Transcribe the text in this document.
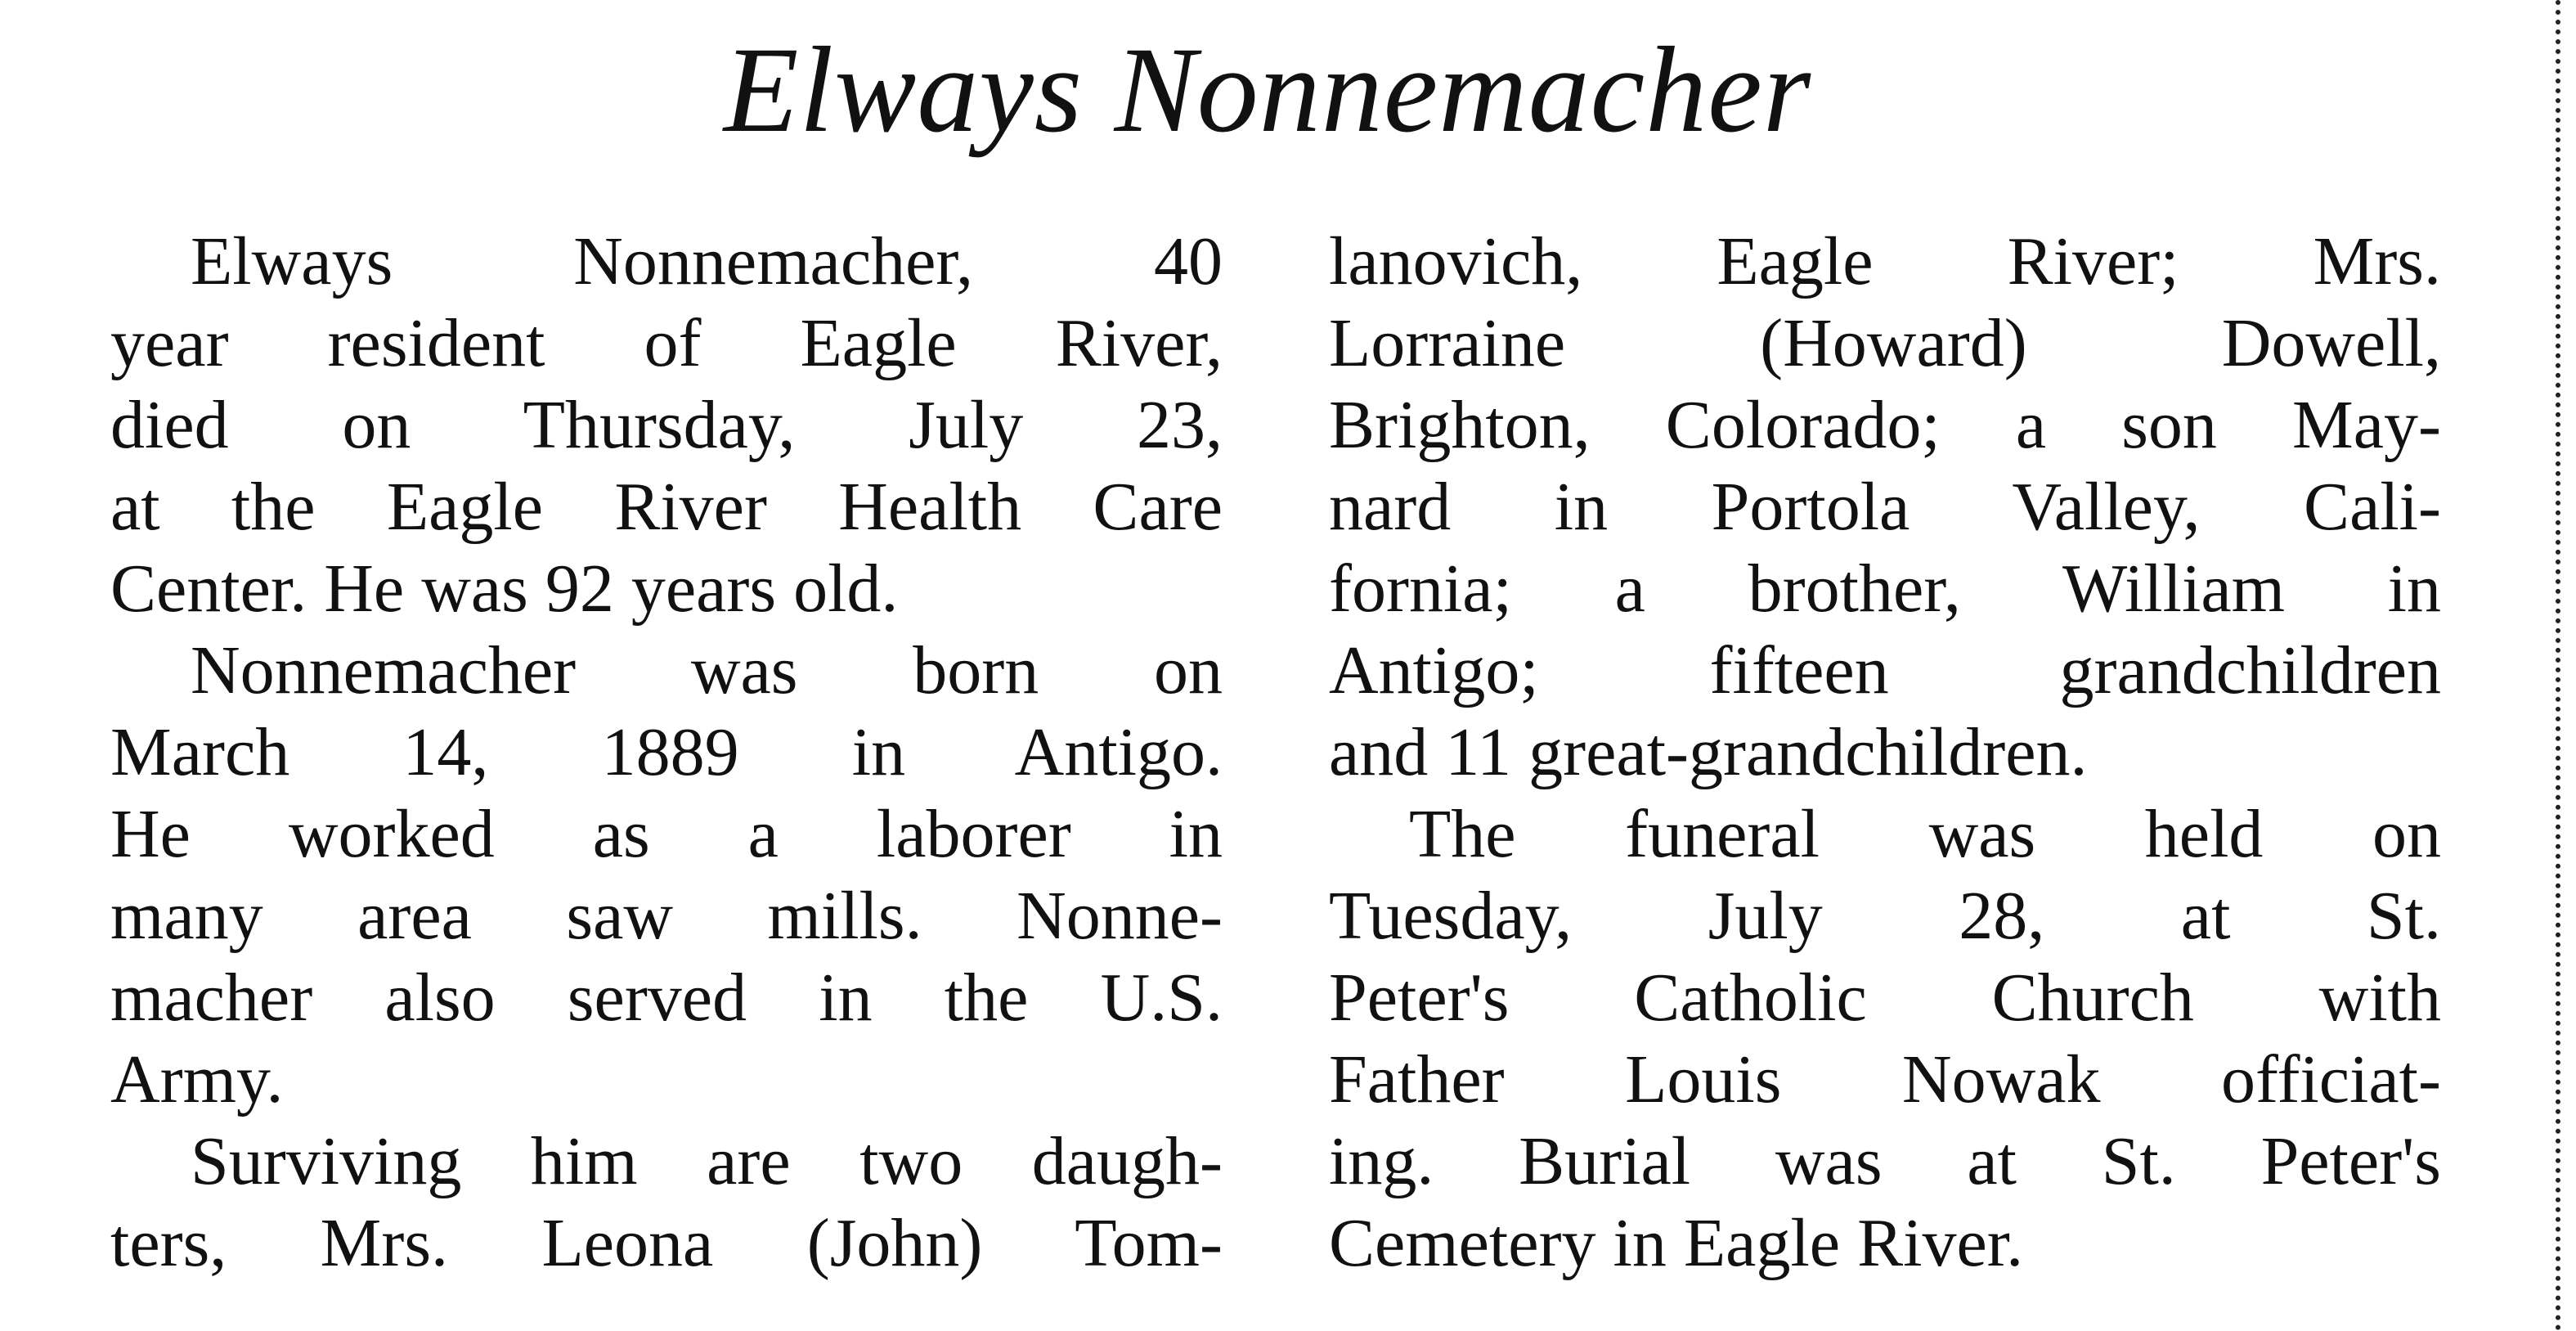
Elways Nonnemacher
Elways Nonnemacher, 40
year resident of Eagle River,
died on Thursday, July 23,
at the Eagle River Health Care
Center. He was 92 years old.
Nonnemacher was born on
March 14, 1889 in Antigo.
He worked as a laborer in
many area saw mills. Nonne-
macher also served in the U.S.
Army.
Surviving him are two daugh-
ters, Mrs. Leona (John) Tom-
lanovich, Eagle River; Mrs.
Lorraine (Howard) Dowell,
Brighton, Colorado; a son May-
nard in Portola Valley, Cali-
fornia; a brother, William in
Antigo; fifteen grandchildren
and 11 great-grandchildren.
The funeral was held on
Tuesday, July 28, at St.
Peter's Catholic Church with
Father Louis Nowak officiat-
ing. Burial was at St. Peter's
Cemetery in Eagle River.
